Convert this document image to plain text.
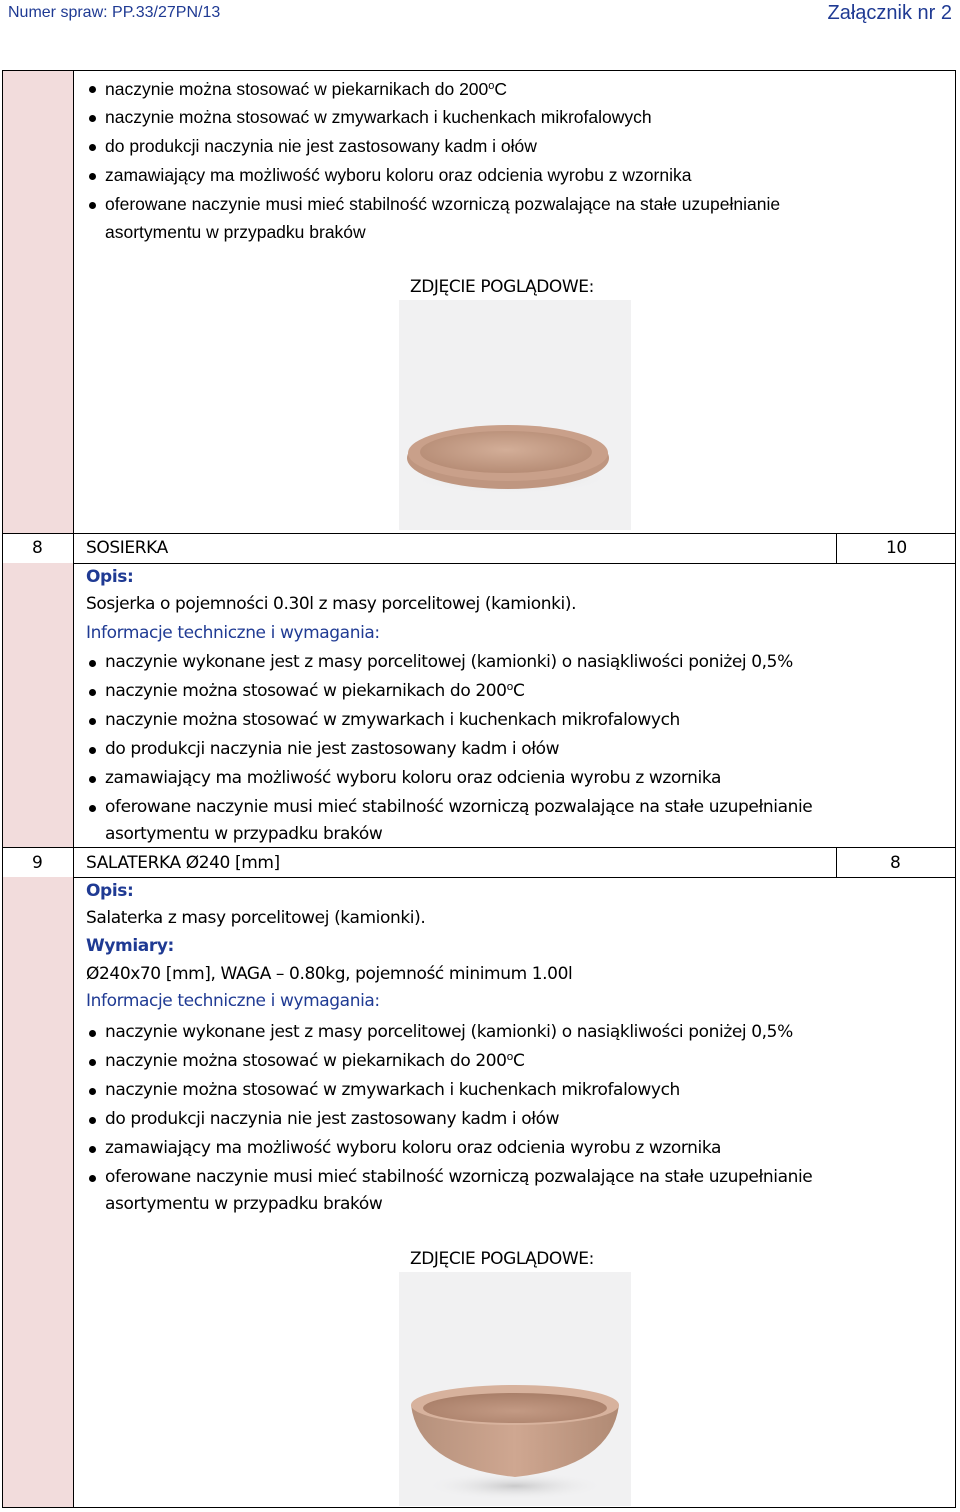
Numer spraw: PP.33/27PN/13	Załącznik nr 2
naczynie można stosować w piekarnikach do 200$^o$C
naczynie można stosować w zmywarkach i kuchenkach mikrofalowych
do produkcji naczynia nie jest zastosowany kadm i ołów
zamawiający ma możliwość wyboru koloru oraz odcienia wyrobu z wzornika
oferowane naczynie musi mieć stabilność wzorniczą pozwalające na stałe uzupełnianie
asortymentu w przypadku braków
ZDJĘCIE POGLĄDOWE:
8	SOSIERKA	10
Opis:
Sosjerka o pojemności 0.30l z masy porcelitowej (kamionki).
Informacje techniczne i wymagania:
naczynie wykonane jest z masy porcelitowej (kamionki) o nasiąkliwości poniżej 0,5%
naczynie można stosować w piekarnikach do 200$^o$C
naczynie można stosować w zmywarkach i kuchenkach mikrofalowych
do produkcji naczynia nie jest zastosowany kadm i ołów
zamawiający ma możliwość wyboru koloru oraz odcienia wyrobu z wzornika
oferowane naczynie musi mieć stabilność wzorniczą pozwalające na stałe uzupełnianie
asortymentu w przypadku braków
9	SALATERKA Ø240 [mm]	8
Opis:
Salaterka z masy porcelitowej (kamionki).
Wymiary:
Ø240x70 [mm], WAGA – 0.80kg, pojemność minimum 1.00l
Informacje techniczne i wymagania:
naczynie wykonane jest z masy porcelitowej (kamionki) o nasiąkliwości poniżej 0,5%
naczynie można stosować w piekarnikach do 200$^o$C
naczynie można stosować w zmywarkach i kuchenkach mikrofalowych
do produkcji naczynia nie jest zastosowany kadm i ołów
zamawiający ma możliwość wyboru koloru oraz odcienia wyrobu z wzornika
oferowane naczynie musi mieć stabilność wzorniczą pozwalające na stałe uzupełnianie
asortymentu w przypadku braków
ZDJĘCIE POGLĄDOWE:
